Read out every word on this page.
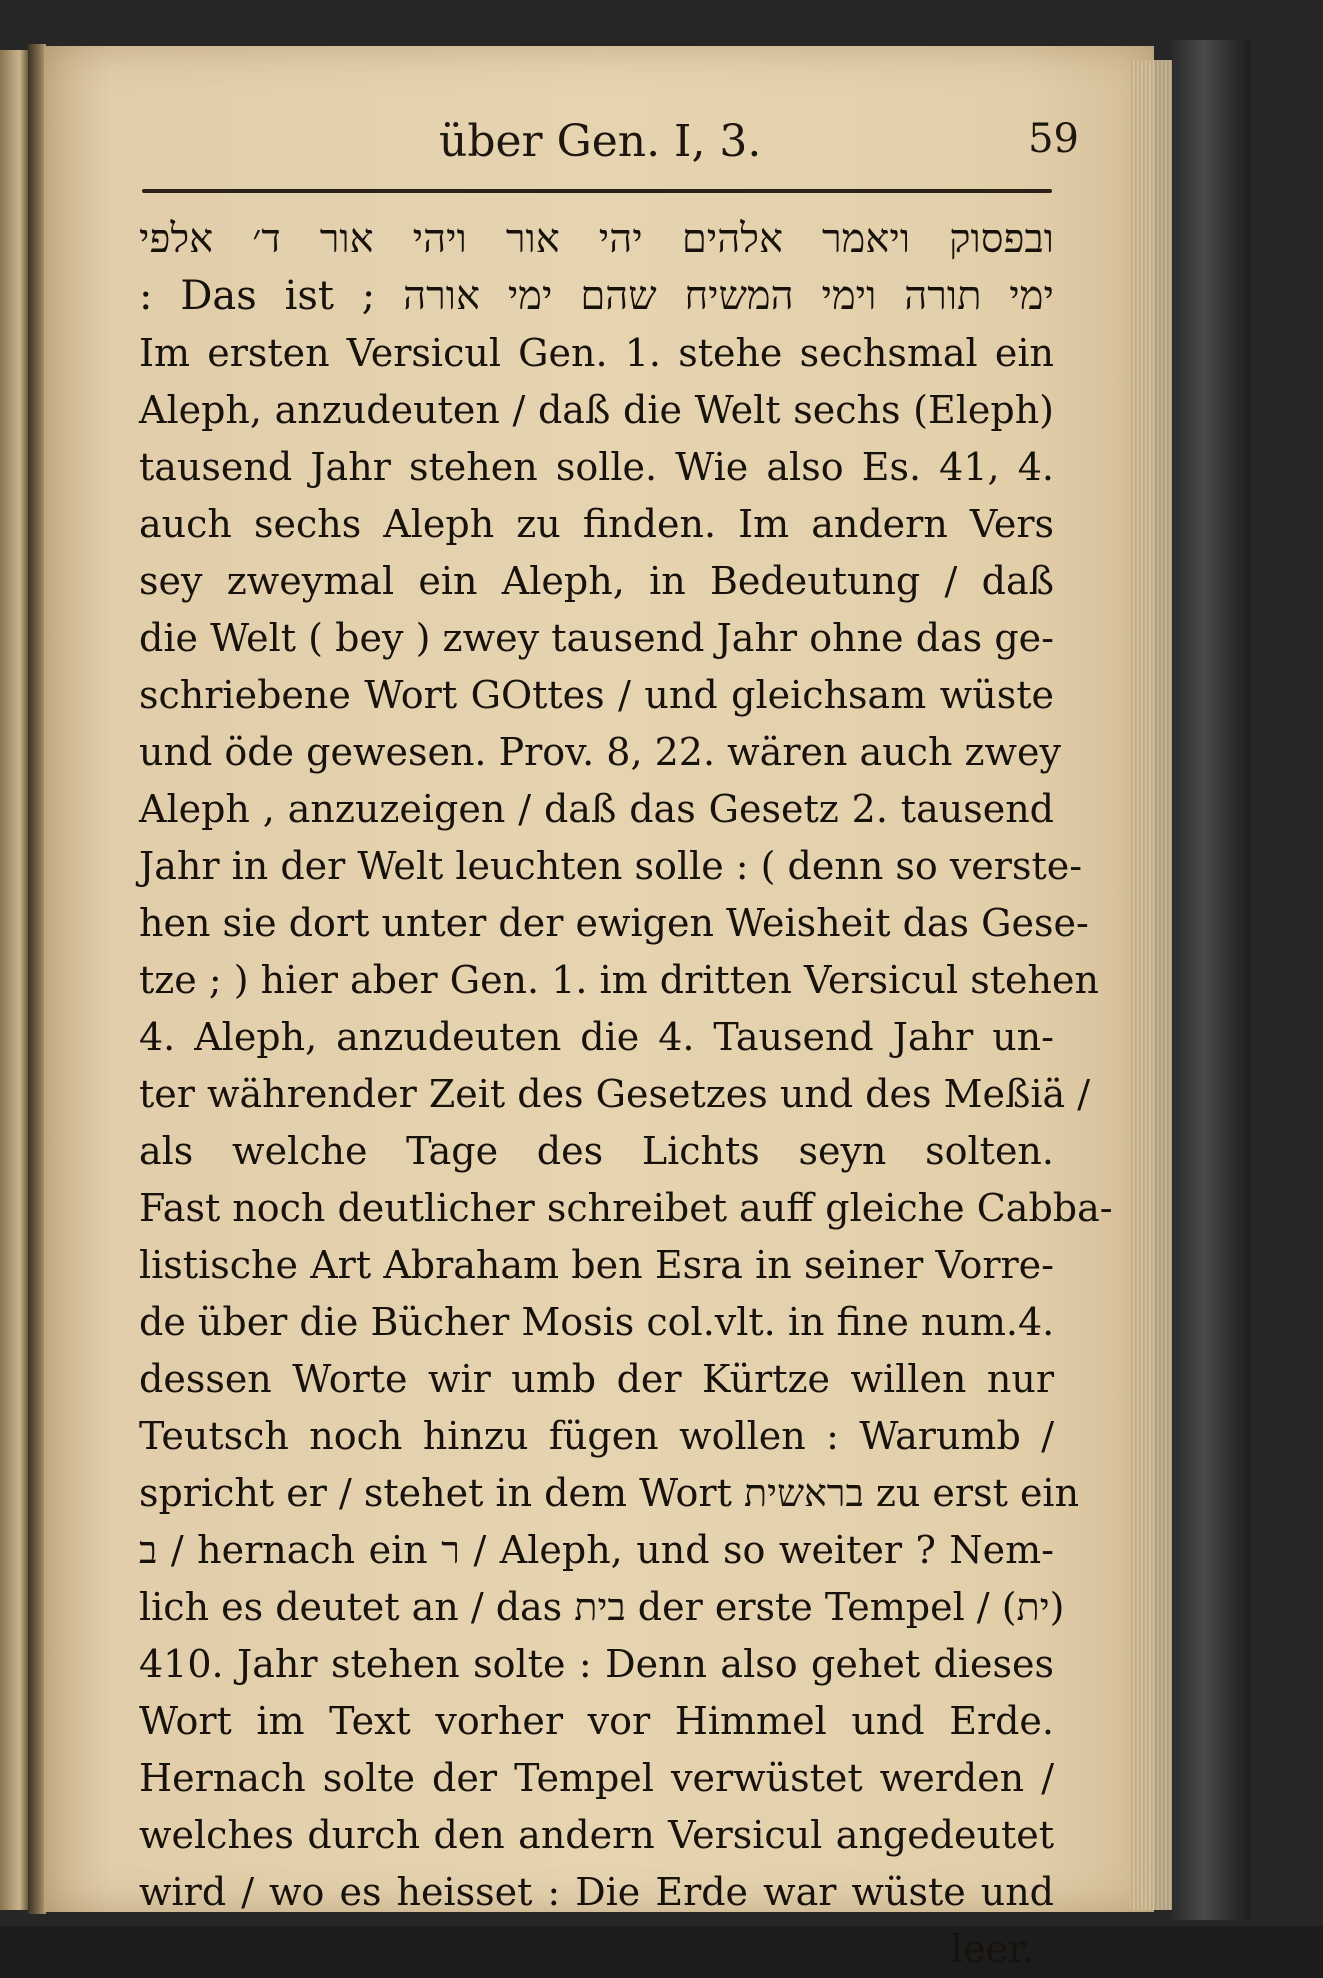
über Gen. I, 3.	59
ובפסוק ויאמר אלהים יהי אור ויהי אור ד׳ אלפי
ימי תורה וימי המשיח שהם ימי אורה ; Das ist :
Im ersten Versicul Gen. 1. stehe sechsmal ein
Aleph, anzudeuten / daß die Welt sechs (Eleph)
tausend Jahr stehen solle. Wie also Es. 41, 4.
auch sechs Aleph zu finden. Im andern Vers
sey zweymal ein Aleph, in Bedeutung / daß
die Welt ( bey ) zwey tausend Jahr ohne das ge-
schriebene Wort GOttes / und gleichsam wüste
und öde gewesen. Prov. 8, 22. wären auch zwey
Aleph , anzuzeigen / daß das Gesetz 2. tausend
Jahr in der Welt leuchten solle : ( denn so verste-
hen sie dort unter der ewigen Weisheit das Gese-
tze ; ) hier aber Gen. 1. im dritten Versicul stehen
4. Aleph, anzudeuten die 4. Tausend Jahr un-
ter währender Zeit des Gesetzes und des Meßiä /
als welche Tage des Lichts seyn solten.
Fast noch deutlicher schreibet auff gleiche Cabba-
listische Art Abraham ben Esra in seiner Vorre-
de über die Bücher Mosis col.vlt. in fine num.4.
dessen Worte wir umb der Kürtze willen nur
Teutsch noch hinzu fügen wollen : Warumb /
spricht er / stehet in dem Wort בראשית zu erst ein
ב / hernach ein ר / Aleph, und so weiter ? Nem-
lich es deutet an / das בית der erste Tempel / (ית)
410. Jahr stehen solte : Denn also gehet dieses
Wort im Text vorher vor Himmel und Erde.
Hernach solte der Tempel verwüstet werden /
welches durch den andern Versicul angedeutet
wird / wo es heisset : Die Erde war wüste und
leer.
